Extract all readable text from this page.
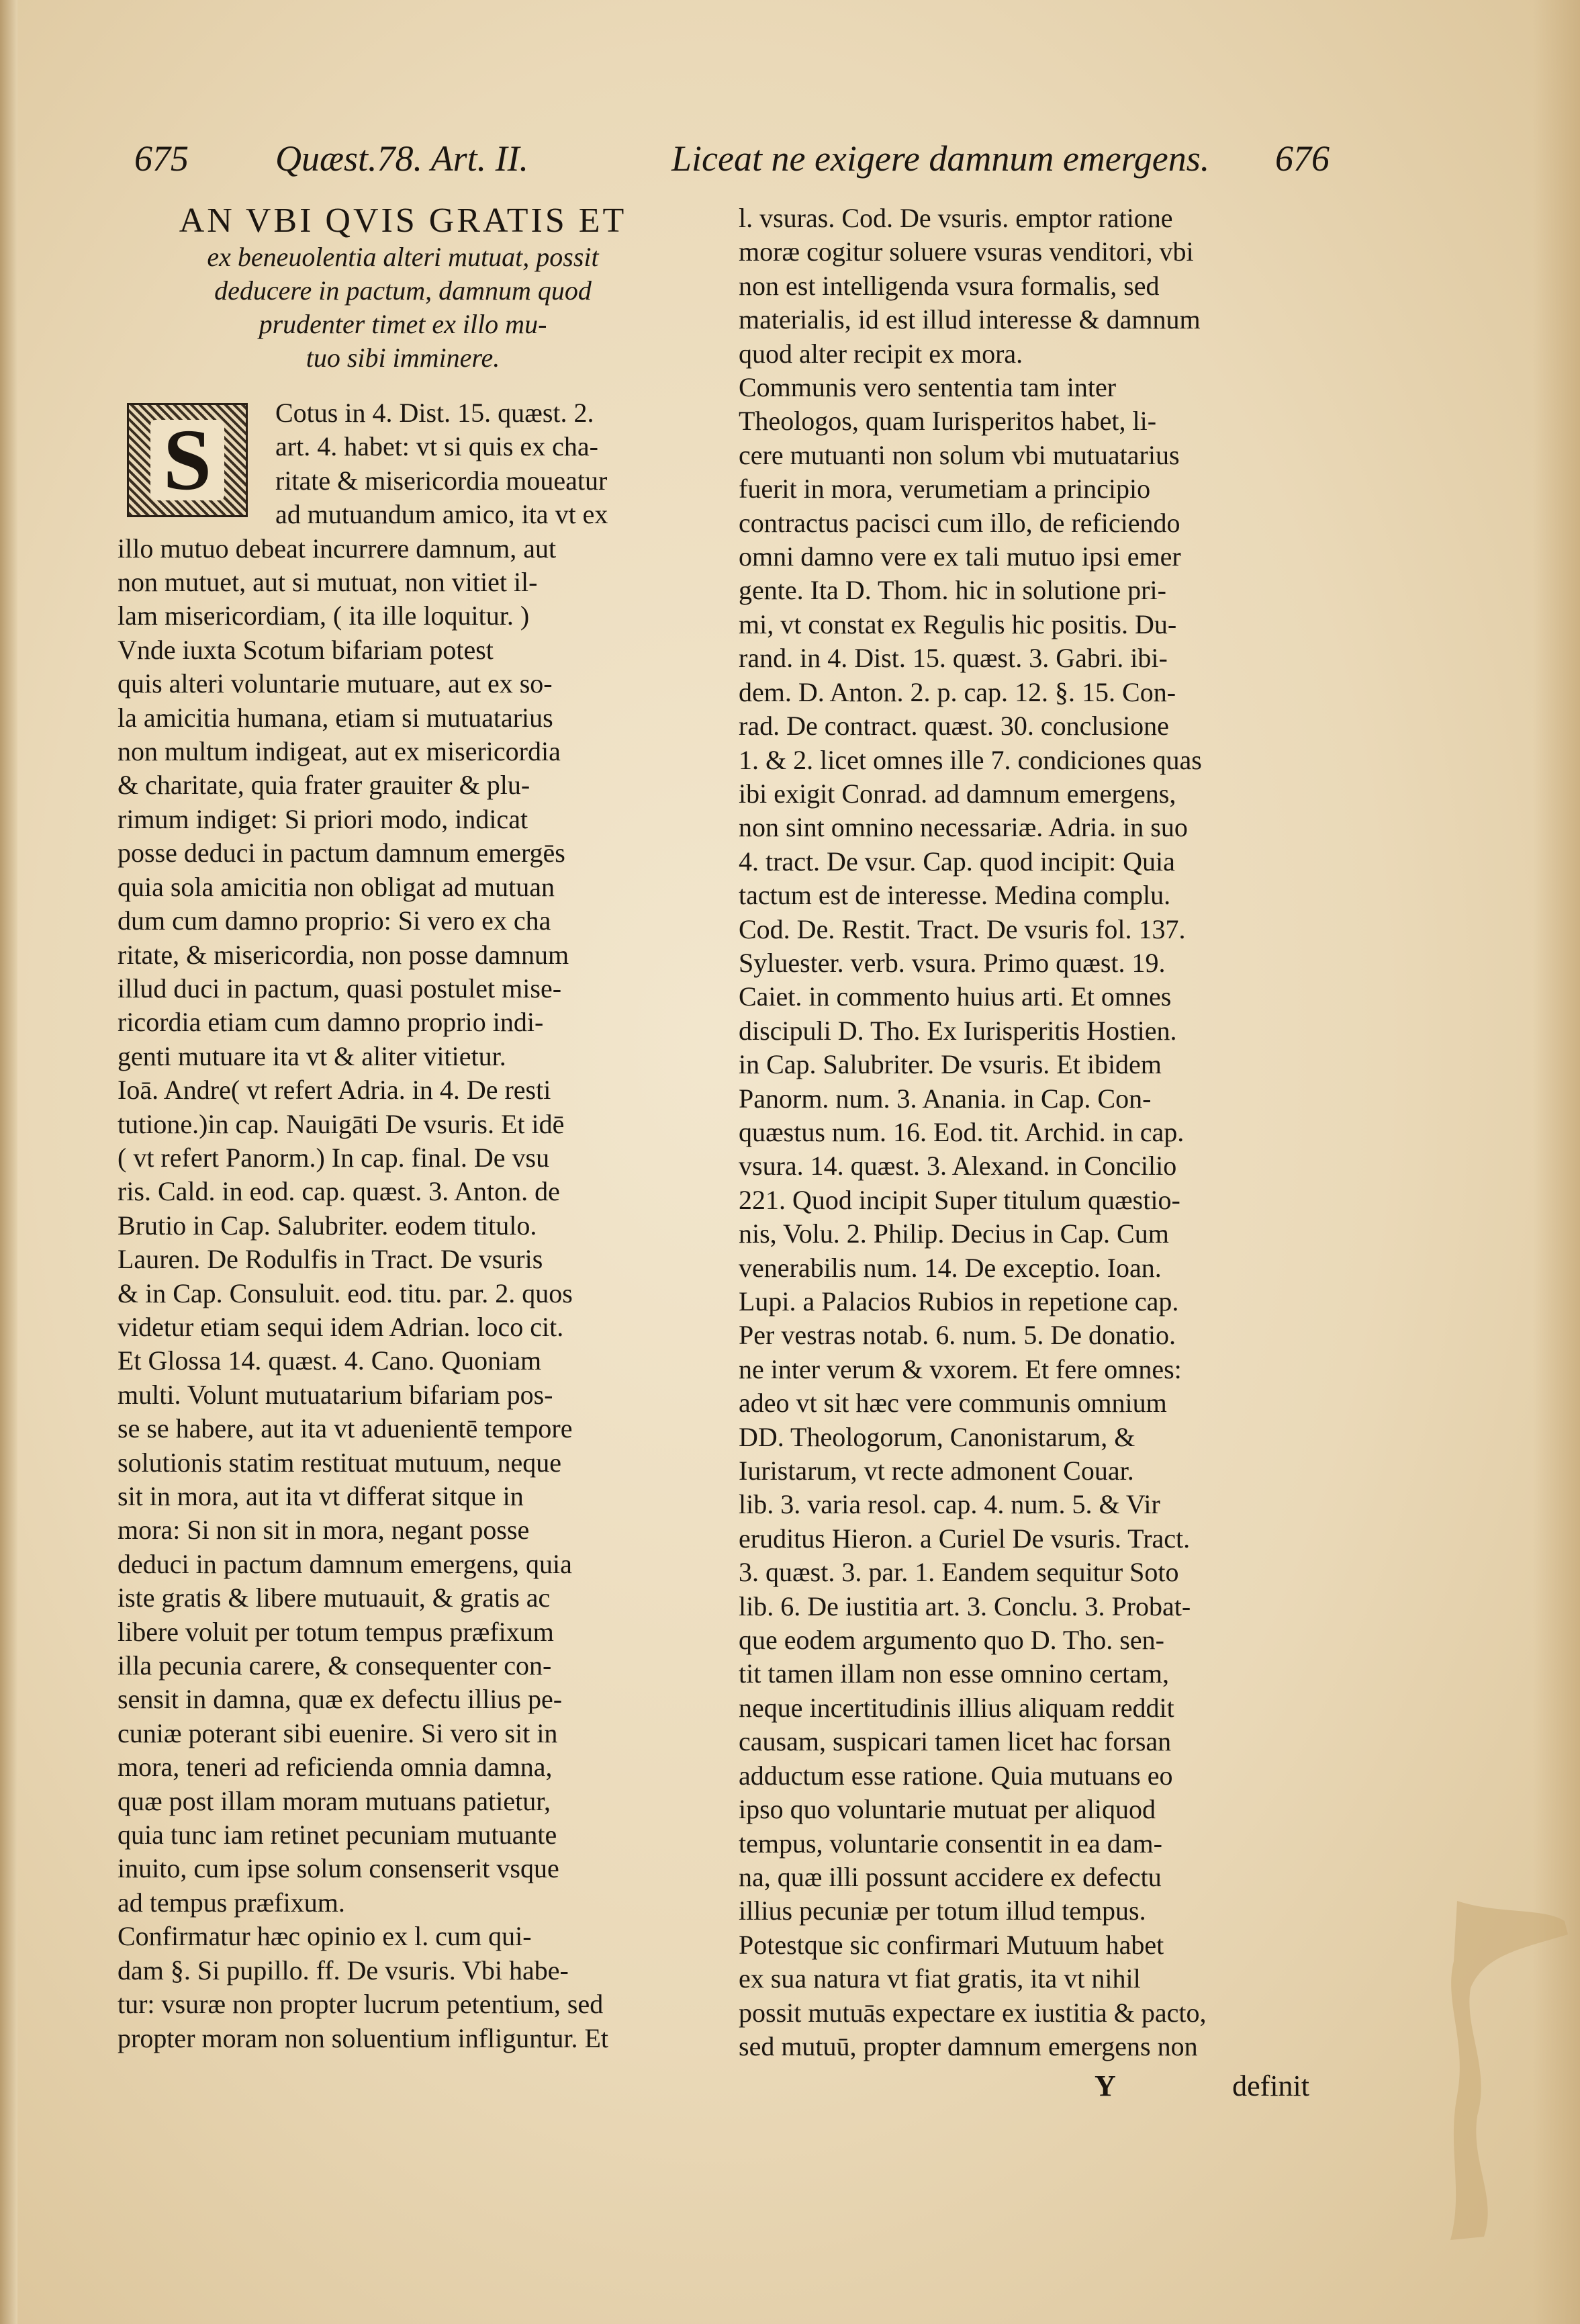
675 Quæst.78. Art. II.	Liceat ne exigere damnum emergens. 676
AN VBI QVIS GRATIS ET
ex beneuolentia alteri mutuat, possit
deducere in pactum, damnum quod
prudenter timet ex illo mu-
tuo sibi imminere.
S	Cotus in 4. Dist. 15. quæst. 2.
art. 4. habet: vt si quis ex cha-
ritate & misericordia moueatur
ad mutuandum amico, ita vt ex
illo mutuo debeat incurrere damnum, aut
non mutuet, aut si mutuat, non vitiet il-
lam misericordiam, ( ita ille loquitur. )
Vnde iuxta Scotum bifariam potest
quis alteri voluntarie mutuare, aut ex so-
la amicitia humana, etiam si mutuatarius
non multum indigeat, aut ex misericordia
& charitate, quia frater grauiter & plu-
rimum indiget: Si priori modo, indicat
posse deduci in pactum damnum emergēs
quia sola amicitia non obligat ad mutuan
dum cum damno proprio: Si vero ex cha
ritate, & misericordia, non posse damnum
illud duci in pactum, quasi postulet mise-
ricordia etiam cum damno proprio indi-
genti mutuare ita vt & aliter vitietur.
Ioā. Andre( vt refert Adria. in 4. De resti
tutione.)in cap. Nauigāti De vsuris. Et idē
( vt refert Panorm.) In cap. final. De vsu
ris. Cald. in eod. cap. quæst. 3. Anton. de
Brutio in Cap. Salubriter. eodem titulo.
Lauren. De Rodulfis in Tract. De vsuris
& in Cap. Consuluit. eod. titu. par. 2. quos
videtur etiam sequi idem Adrian. loco cit.
Et Glossa 14. quæst. 4. Cano. Quoniam
multi. Volunt mutuatarium bifariam pos-
se se habere, aut ita vt aduenientē tempore
solutionis statim restituat mutuum, neque
sit in mora, aut ita vt differat sitque in
mora: Si non sit in mora, negant posse
deduci in pactum damnum emergens, quia
iste gratis & libere mutuauit, & gratis ac
libere voluit per totum tempus præfixum
illa pecunia carere, & consequenter con-
sensit in damna, quæ ex defectu illius pe-
cuniæ poterant sibi euenire. Si vero sit in
mora, teneri ad reficienda omnia damna,
quæ post illam moram mutuans patietur,
quia tunc iam retinet pecuniam mutuante
inuito, cum ipse solum consenserit vsque
ad tempus præfixum.
Confirmatur hæc opinio ex l. cum qui-
dam §. Si pupillo. ff. De vsuris. Vbi habe-
tur: vsuræ non propter lucrum petentium, sed
propter moram non soluentium infliguntur. Et
l. vsuras. Cod. De vsuris. emptor ratione
moræ cogitur soluere vsuras venditori, vbi
non est intelligenda vsura formalis, sed
materialis, id est illud interesse & damnum
quod alter recipit ex mora.
Communis vero sententia tam inter
Theologos, quam Iurisperitos habet, li-
cere mutuanti non solum vbi mutuatarius
fuerit in mora, verumetiam a principio
contractus pacisci cum illo, de reficiendo
omni damno vere ex tali mutuo ipsi emer
gente. Ita D. Thom. hic in solutione pri-
mi, vt constat ex Regulis hic positis. Du-
rand. in 4. Dist. 15. quæst. 3. Gabri. ibi-
dem. D. Anton. 2. p. cap. 12. §. 15. Con-
rad. De contract. quæst. 30. conclusione
1. & 2. licet omnes ille 7. condiciones quas
ibi exigit Conrad. ad damnum emergens,
non sint omnino necessariæ. Adria. in suo
4. tract. De vsur. Cap. quod incipit: Quia
tactum est de interesse. Medina complu.
Cod. De. Restit. Tract. De vsuris fol. 137.
Syluester. verb. vsura. Primo quæst. 19.
Caiet. in commento huius arti. Et omnes
discipuli D. Tho. Ex Iurisperitis Hostien.
in Cap. Salubriter. De vsuris. Et ibidem
Panorm. num. 3. Anania. in Cap. Con-
quæstus num. 16. Eod. tit. Archid. in cap.
vsura. 14. quæst. 3. Alexand. in Concilio
221. Quod incipit Super titulum quæstio-
nis, Volu. 2. Philip. Decius in Cap. Cum
venerabilis num. 14. De exceptio. Ioan.
Lupi. a Palacios Rubios in repetione cap.
Per vestras notab. 6. num. 5. De donatio.
ne inter verum & vxorem. Et fere omnes:
adeo vt sit hæc vere communis omnium
DD. Theologorum, Canonistarum, &
Iuristarum, vt recte admonent Couar.
lib. 3. varia resol. cap. 4. num. 5. & Vir
eruditus Hieron. a Curiel De vsuris. Tract.
3. quæst. 3. par. 1. Eandem sequitur Soto
lib. 6. De iustitia art. 3. Conclu. 3. Probat-
que eodem argumento quo D. Tho. sen-
tit tamen illam non esse omnino certam,
neque incertitudinis illius aliquam reddit
causam, suspicari tamen licet hac forsan
adductum esse ratione. Quia mutuans eo
ipso quo voluntarie mutuat per aliquod
tempus, voluntarie consentit in ea dam-
na, quæ illi possunt accidere ex defectu
illius pecuniæ per totum illud tempus.
Potestque sic confirmari Mutuum habet
ex sua natura vt fiat gratis, ita vt nihil
possit mutuās expectare ex iustitia & pacto,
sed mutuū, propter damnum emergens non
Y	definit
